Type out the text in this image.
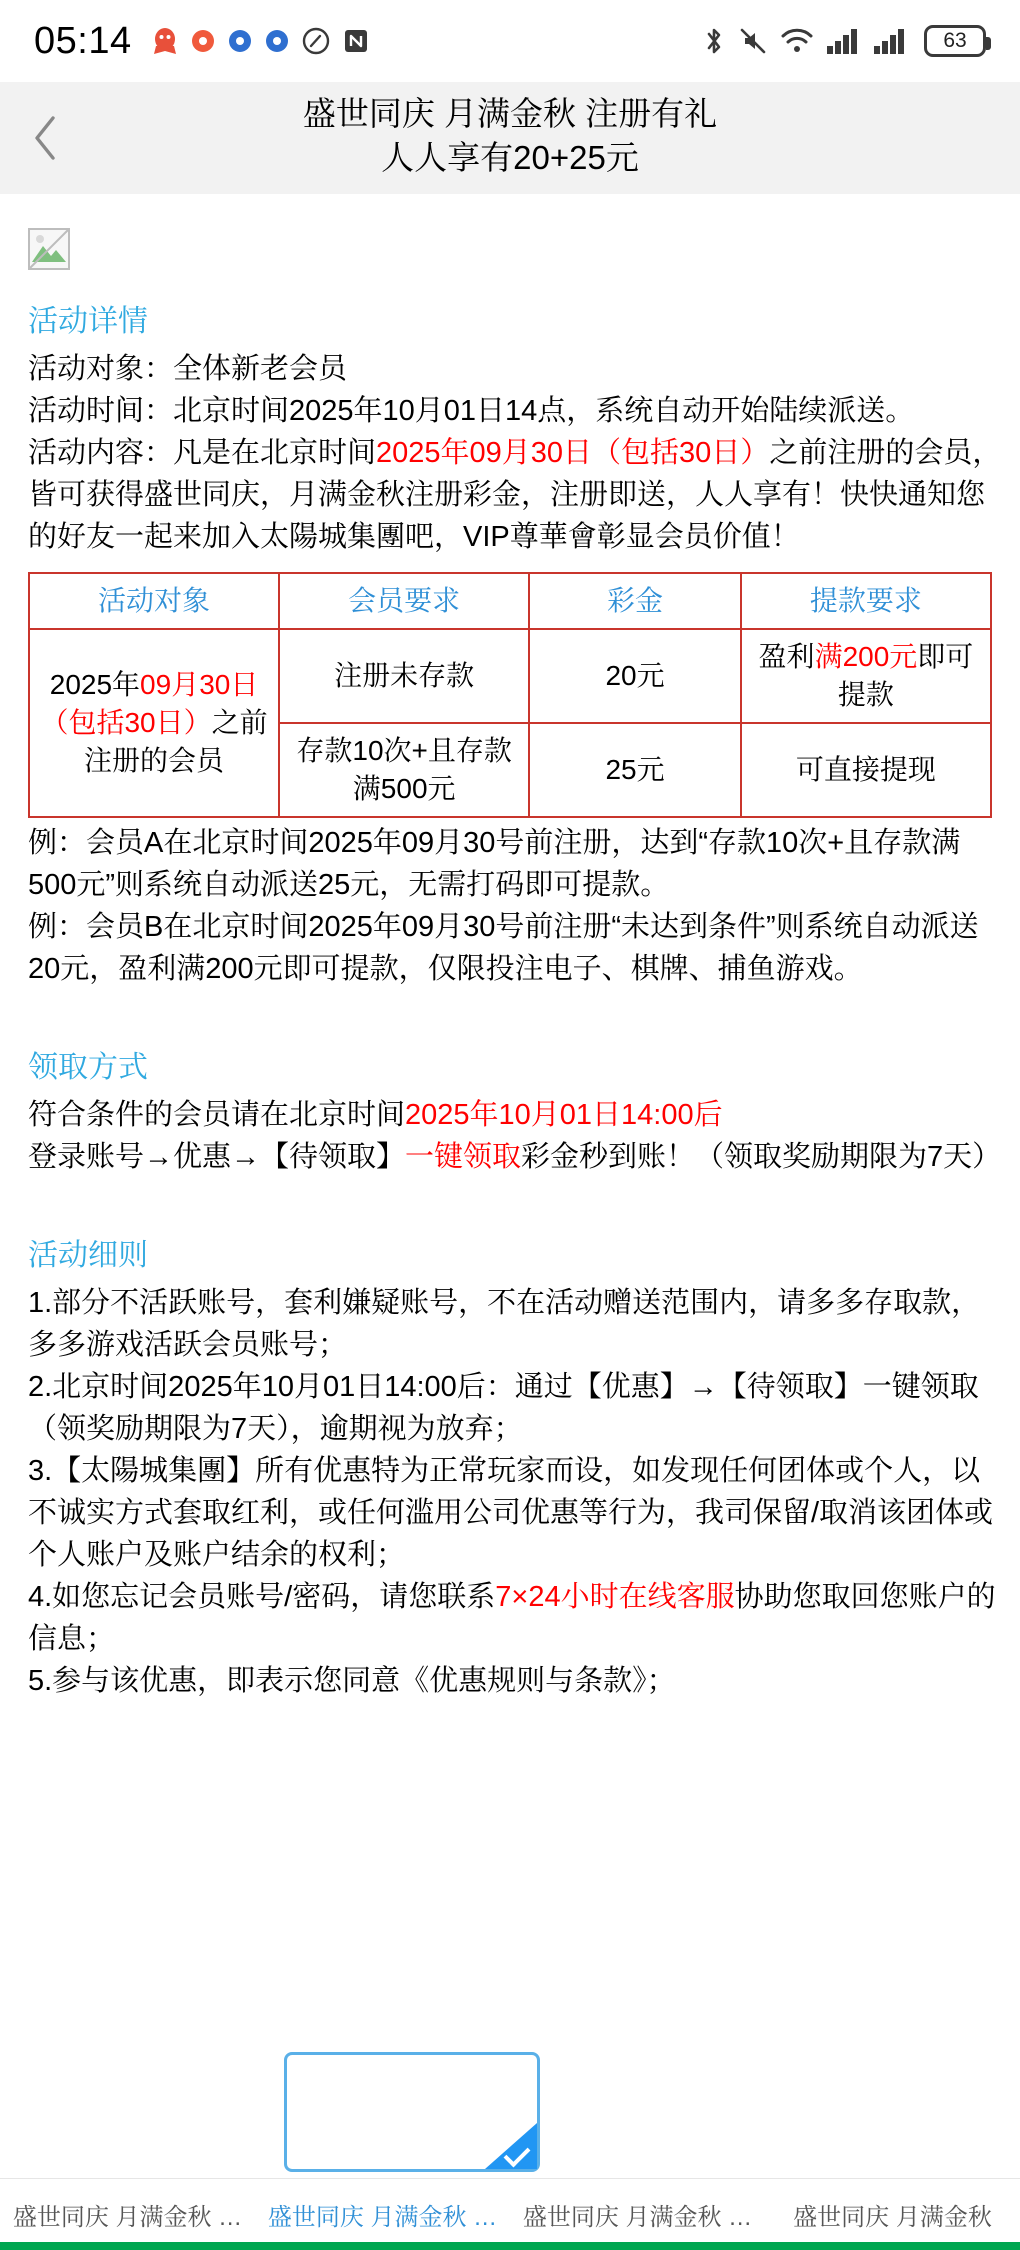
05:14	63
盛世同庆 月满金秋 注册有礼
人人享有20+25元
活动详情

活动对象：全体新老会员

活动时间：北京时间2025年10月01日14点，系统自动开始陆续派送。

活动内容：凡是在北京时间2025年09月30日（包括30日）之前注册的会员，皆可获得盛世同庆，月满金秋注册彩金，注册即送，人人享有！快快通知您的好友一起来加入太陽城集團吧，VIP尊華會彰显会员价值！

活动对象	会员要求	彩金	提款要求
2025年09月30日（包括30日）之前注册的会员	注册未存款	20元	盈利满200元即可提款
	存款10次+且存款满500元	25元	可直接提现

例：会员A在北京时间2025年09月30号前注册，达到“存款10次+且存款满500元”则系统自动派送25元，无需打码即可提款。

例：会员B在北京时间2025年09月30号前注册“未达到条件”则系统自动派送20元，盈利满200元即可提款，仅限投注电子、棋牌、捕鱼游戏。

领取方式

符合条件的会员请在北京时间2025年10月01日14:00后

登录账号→优惠→【待领取】一键领取彩金秒到账！（领取奖励期限为7天）

活动细则

1.部分不活跃账号，套利嫌疑账号，不在活动赠送范围内，请多多存取款，多多游戏活跃会员账号；

2.北京时间2025年10月01日14:00后：通过【优惠】→【待领取】一键领取（领奖励期限为7天），逾期视为放弃；

3.【太陽城集團】所有优惠特为正常玩家而设，如发现任何团体或个人，以不诚实方式套取红利，或任何滥用公司优惠等行为，我司保留/取消该团体或个人账户及账户结余的权利；

4.如您忘记会员账号/密码，请您联系7×24小时在线客服协助您取回您账户的信息；

5.参与该优惠，即表示您同意《优惠规则与条款》；

盛世同庆 月满金秋 …	盛世同庆 月满金秋 …	盛世同庆 月满金秋 …	盛世同庆 月满金秋
